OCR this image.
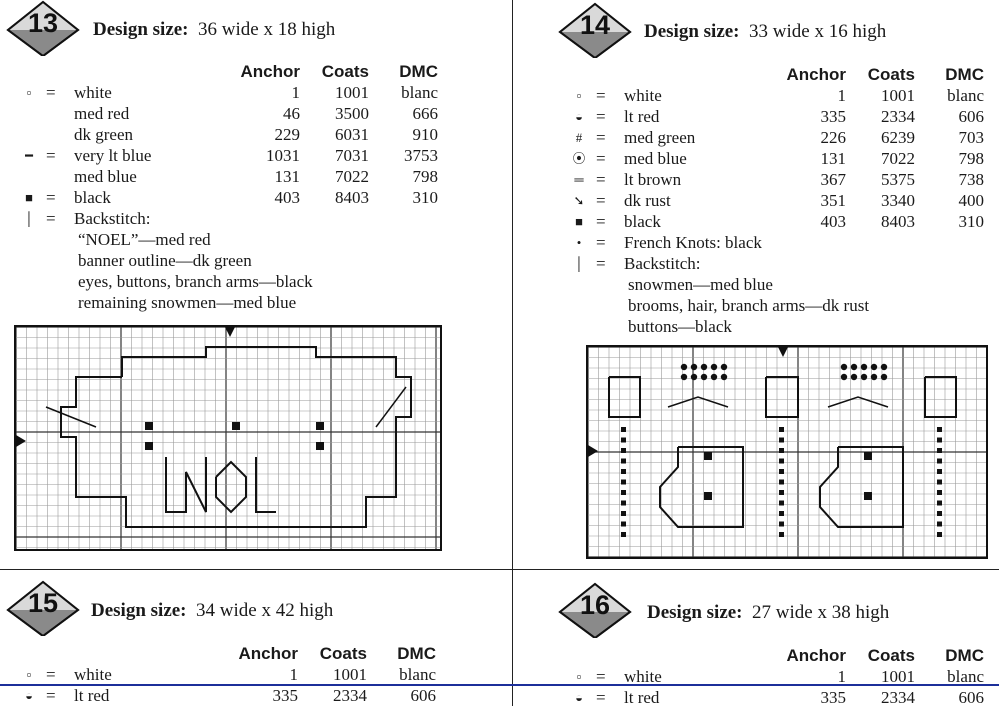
13	Design size: 36 wide x 18 high
Anchor Coats DMC
▫ = white	1 1001 blanc
med red	46 3500	666
dk green	229 6031	910
━ = very lt blue	1031 7031 3753
med blue	131 7022	798
■ = black	403 8403	310
│ = Backstitch:
“NOEL”—med red
banner outline—dk green
eyes, buttons, branch arms—black
remaining snowmen—med blue
14	Design size: 33 wide x 16 high
Anchor Coats DMC
▫ = white	1 1001 blanc
◒ = lt red	335 2334	606
# = med green	226 6239	703
⦿ = med blue	131 7022	798
═ = lt brown	367 5375	738
➘ = dk rust	351 3340	400
■ = black	403 8403	310
• = French Knots: black
│ = Backstitch:
snowmen—med blue
brooms, hair, branch arms—dk rust
buttons—black
15	Design size: 34 wide x 42 high
Anchor Coats DMC
▫ = white	1 1001 blanc
◒ = lt red	335 2334	606
16	Design size: 27 wide x 38 high
Anchor Coats DMC
▫ = white	1 1001 blanc
◒ = lt red	335 2334	606
